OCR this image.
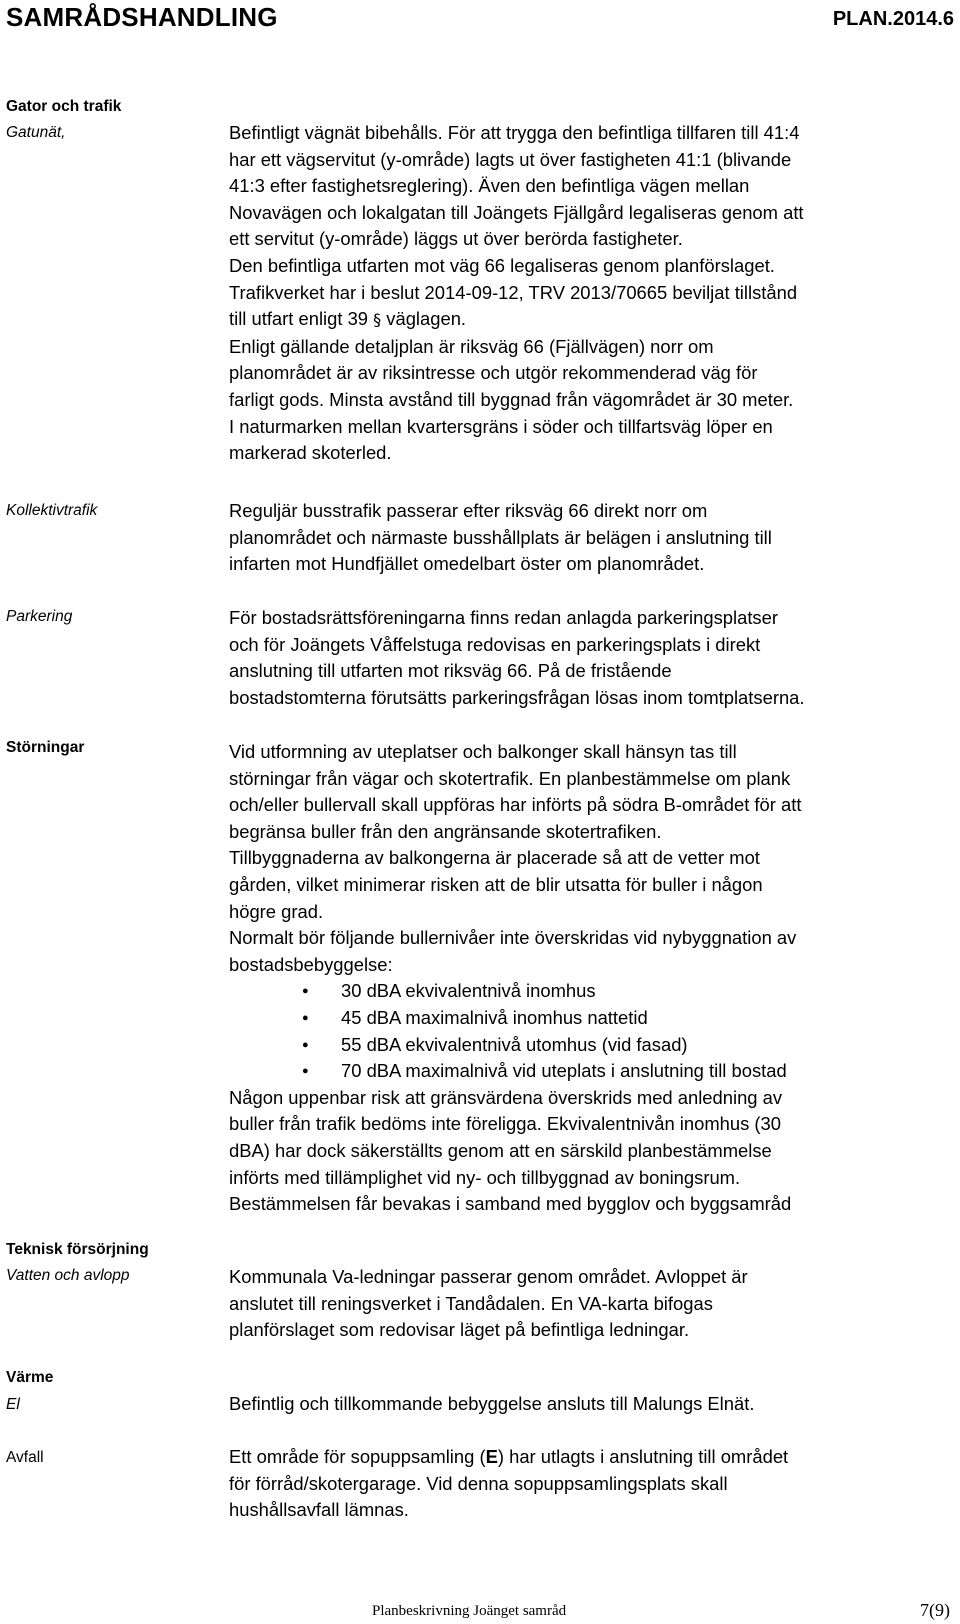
SAMRÅDSHANDLING	PLAN.2014.6
Gator och trafik
Gatunät,
Kollektivtrafik
Parkering
Störningar
Teknisk försörjning
Vatten och avlopp
Värme
El
Avfall

Befintligt vägnät bibehålls. För att trygga den befintliga tillfaren till 41:4

har ett vägservitut (y-område) lagts ut över fastigheten 41:1 (blivande

41:3 efter fastighetsreglering). Även den befintliga vägen mellan

Novavägen och lokalgatan till Joängets Fjällgård legaliseras genom att

ett servitut (y-område) läggs ut över berörda fastigheter.

Den befintliga utfarten mot väg 66 legaliseras genom planförslaget.

Trafikverket har i beslut 2014-09-12, TRV 2013/70665 beviljat tillstånd

till utfart enligt 39 § väglagen.

Enligt gällande detaljplan är riksväg 66 (Fjällvägen) norr om

planområdet är av riksintresse och utgör rekommenderad väg för

farligt gods. Minsta avstånd till byggnad från vägområdet är 30 meter.

I naturmarken mellan kvartersgräns i söder och tillfartsväg löper en

markerad skoterled.

Reguljär busstrafik passerar efter riksväg 66 direkt norr om

planområdet och närmaste busshållplats är belägen i anslutning till

infarten mot Hundfjället omedelbart öster om planområdet.

För bostadsrättsföreningarna finns redan anlagda parkeringsplatser

och för Joängets Våffelstuga redovisas en parkeringsplats i direkt

anslutning till utfarten mot riksväg 66. På de fristående

bostadstomterna förutsätts parkeringsfrågan lösas inom tomtplatserna.

Vid utformning av uteplatser och balkonger skall hänsyn tas till

störningar från vägar och skotertrafik. En planbestämmelse om plank

och/eller bullervall skall uppföras har införts på södra B-området för att

begränsa buller från den angränsande skotertrafiken.

Tillbyggnaderna av balkongerna är placerade så att de vetter mot

gården, vilket minimerar risken att de blir utsatta för buller i någon

högre grad.

Normalt bör följande bullernivåer inte överskridas vid nybyggnation av

bostadsbebyggelse:

● 30 dBA ekvivalentnivå inomhus
● 45 dBA maximalnivå inomhus nattetid
● 55 dBA ekvivalentnivå utomhus (vid fasad)
● 70 dBA maximalnivå vid uteplats i anslutning till bostad

Någon uppenbar risk att gränsvärdena överskrids med anledning av

buller från trafik bedöms inte föreligga. Ekvivalentnivån inomhus (30

dBA) har dock säkerställts genom att en särskild planbestämmelse

införts med tillämplighet vid ny- och tillbyggnad av boningsrum.

Bestämmelsen får bevakas i samband med bygglov och byggsamråd

Kommunala Va-ledningar passerar genom området. Avloppet är

anslutet till reningsverket i Tandådalen. En VA-karta bifogas

planförslaget som redovisar läget på befintliga ledningar.

Befintlig och tillkommande bebyggelse ansluts till Malungs Elnät.

Ett område för sopuppsamling (E) har utlagts i anslutning till området

för förråd/skotergarage. Vid denna sopuppsamlingsplats skall

hushållsavfall lämnas.

Planbeskrivning Joänget samråd	7(9)
